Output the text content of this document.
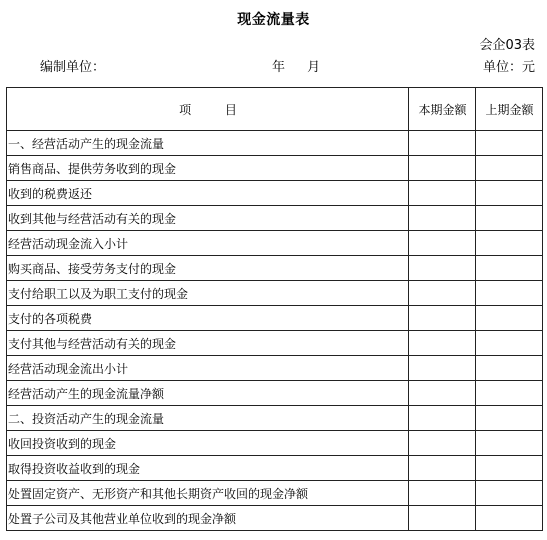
现金流量表
会企03表
编制单位：	年 月	单位：元
项 目	本期金额	上期金额
一、经营活动产生的现金流量		
销售商品、提供劳务收到的现金		
收到的税费返还		
收到其他与经营活动有关的现金		
经营活动现金流入小计		
购买商品、接受劳务支付的现金		
支付给职工以及为职工支付的现金		
支付的各项税费		
支付其他与经营活动有关的现金		
经营活动现金流出小计		
经营活动产生的现金流量净额		
二、投资活动产生的现金流量		
收回投资收到的现金		
取得投资收益收到的现金		
处置固定资产、无形资产和其他长期资产收回的现金净额		
处置子公司及其他营业单位收到的现金净额		
